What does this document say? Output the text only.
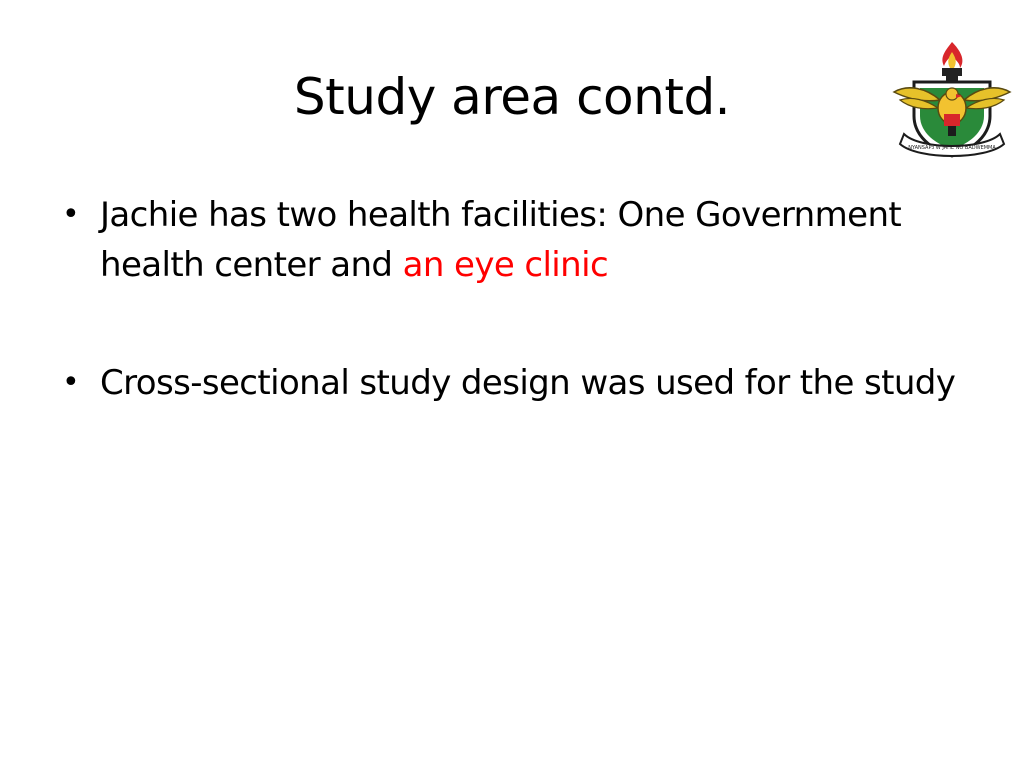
Study area contd.
NYANSAPɔ W JAHE NO BADWEMMA
• Jachie has two health facilities: One Government health center and an eye clinic
• Cross-sectional study design was used for the study
